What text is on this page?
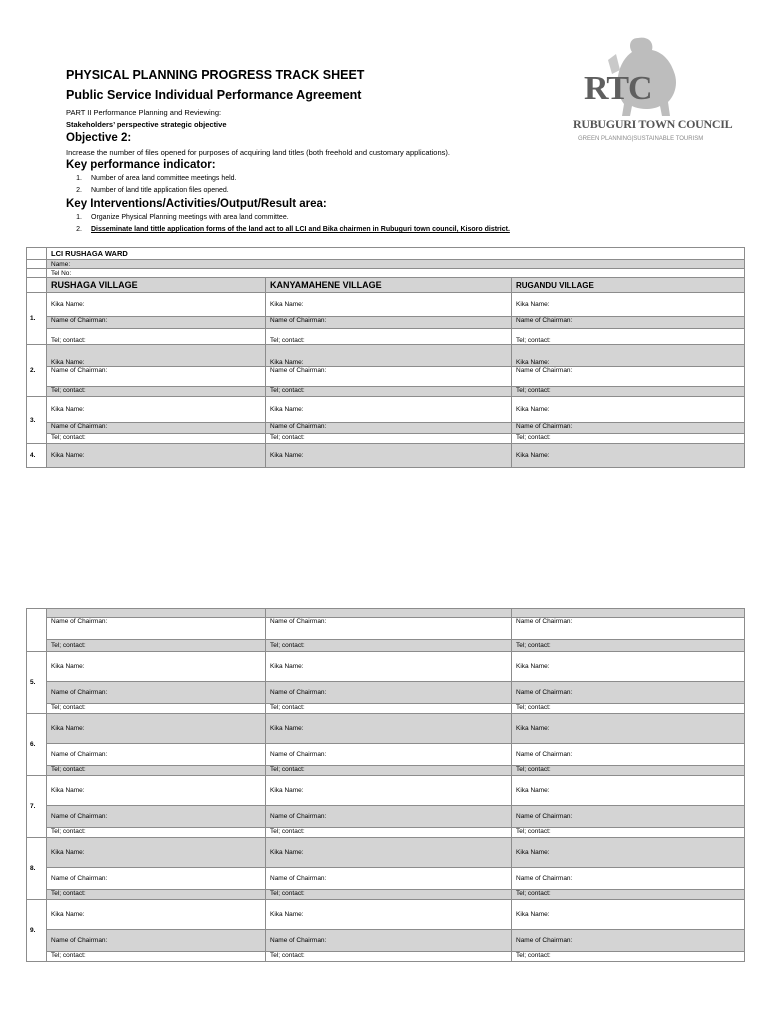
PHYSICAL PLANNING PROGRESS TRACK SHEET
Public Service Individual Performance Agreement
PART II Performance Planning and Reviewing:
Stakeholders’ perspective strategic objective
Objective 2:
Increase the number of files opened for purposes of acquiring land titles (both freehold and customary applications).
Key performance indicator:
1. Number of area land committee meetings held.
2. Number of land title application files opened.
Key Interventions/Activities/Output/Result area:
1. Organize Physical Planning meetings with area land committee.
2. Disseminate land tittle application forms of the land act to all LCI and Bika chairmen in Rubuguri town council, Kisoro district.
RTC
RUBUGURI TOWN COUNCIL
GREEN PLANNING|SUSTAINABLE TOURISM
	LCI RUSHAGA WARD		
	Name:		
	Tel No:		
	RUSHAGA VILLAGE	KANYAMAHENE VILLAGE	RUGANDU VILLAGE
1.	Kika Name:	Kika Name:	Kika Name:
	Name of Chairman:	Name of Chairman:	Name of Chairman:
	Tel; contact:	Tel; contact:	Tel; contact:
2.	Kika Name:	Kika Name:	Kika Name:
	Name of Chairman:	Name of Chairman:	Name of Chairman:
	Tel; contact:	Tel; contact:	Tel; contact:
3.	Kika Name:	Kika Name:	Kika Name:
	Name of Chairman:	Name of Chairman:	Name of Chairman:
	Tel; contact:	Tel; contact:	Tel; contact:
4.	Kika Name:	Kika Name:	Kika Name:

	Name of Chairman:	Name of Chairman:	Name of Chairman:
	Tel; contact:	Tel; contact:	Tel; contact:
5.	Kika Name:	Kika Name:	Kika Name:
	Name of Chairman:	Name of Chairman:	Name of Chairman:
	Tel; contact:	Tel; contact:	Tel; contact:
6.	Kika Name:	Kika Name:	Kika Name:
	Name of Chairman:	Name of Chairman:	Name of Chairman:
	Tel; contact:	Tel; contact:	Tel; contact:
7.	Kika Name:	Kika Name:	Kika Name:
	Name of Chairman:	Name of Chairman:	Name of Chairman:
	Tel; contact:	Tel; contact:	Tel; contact:
8.	Kika Name:	Kika Name:	Kika Name:
	Name of Chairman:	Name of Chairman:	Name of Chairman:
	Tel; contact:	Tel; contact:	Tel; contact:
9.	Kika Name:	Kika Name:	Kika Name:
	Name of Chairman:	Name of Chairman:	Name of Chairman:
	Tel; contact:	Tel; contact:	Tel; contact:
